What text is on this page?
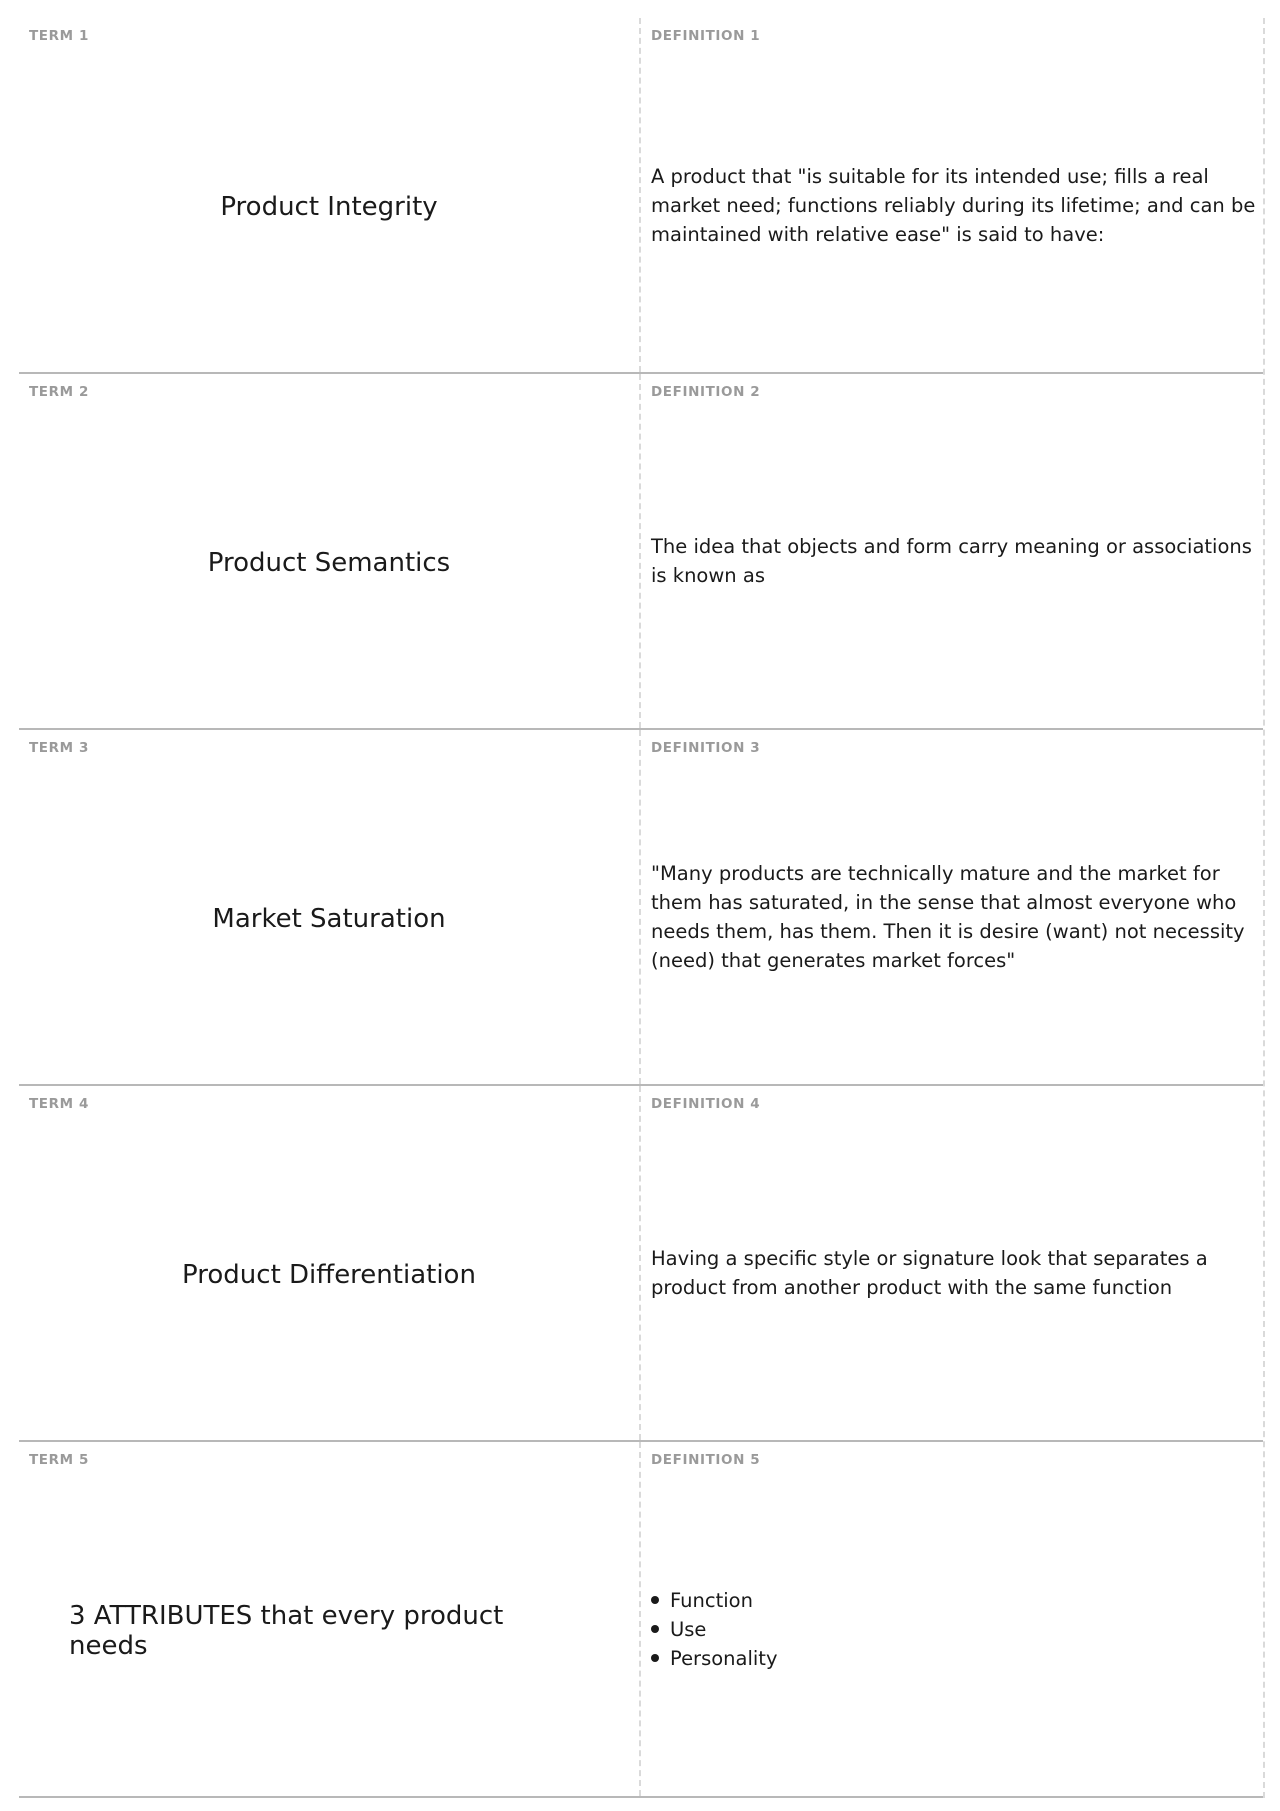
TERM 1
Product Integrity
DEFINITION 1
A product that "is suitable for its intended use; fills a real market need; functions reliably during its lifetime; and can be maintained with relative ease" is said to have:
TERM 2
Product Semantics
DEFINITION 2
The idea that objects and form carry meaning or associations is known as
TERM 3
Market Saturation
DEFINITION 3
"Many products are technically mature and the market for them has saturated, in the sense that almost everyone who needs them, has them. Then it is desire (want) not necessity (need) that generates market forces"
TERM 4
Product Differentiation
DEFINITION 4
Having a specific style or signature look that separates a product from another product with the same function
TERM 5
3 ATTRIBUTES that every product needs
DEFINITION 5
Function
Use
Personality
